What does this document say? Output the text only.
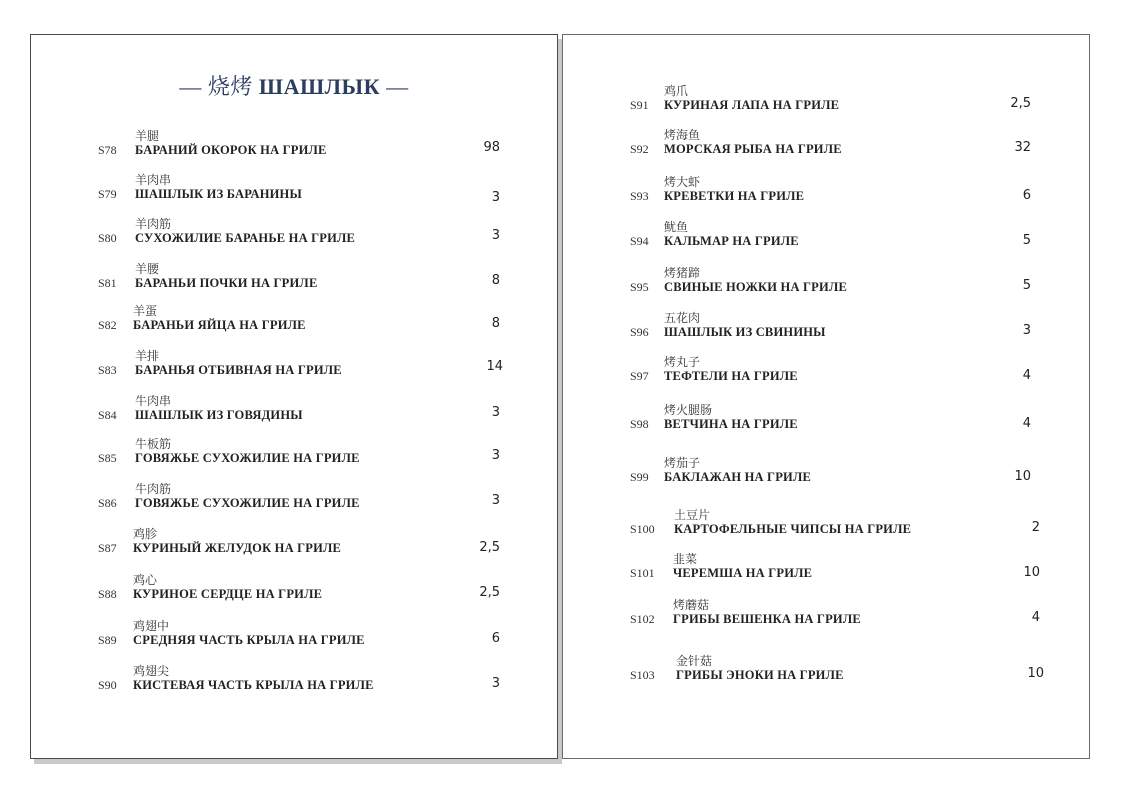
— 烧烤 ШАШЛЫК —
羊腿
S78 БАРАНИЙ ОКОРОК НА ГРИЛЕ	98
羊肉串
S79 ШАШЛЫК ИЗ БАРАНИНЫ	3
羊肉筋
S80 СУХОЖИЛИЕ БАРАНЬЕ НА ГРИЛЕ	3
羊腰
S81 БАРАНЬИ ПОЧКИ НА ГРИЛЕ	8
羊蛋
S82 БАРАНЬИ ЯЙЦА НА ГРИЛЕ	8
羊排
S83 БАРАНЬЯ ОТБИВНАЯ НА ГРИЛЕ	14
牛肉串
S84 ШАШЛЫК ИЗ ГОВЯДИНЫ	3
牛板筋
S85 ГОВЯЖЬЕ СУХОЖИЛИЕ НА ГРИЛЕ	3
牛肉筋
S86 ГОВЯЖЬЕ СУХОЖИЛИЕ НА ГРИЛЕ	3
鸡胗
S87 КУРИНЫЙ ЖЕЛУДОК НА ГРИЛЕ	2,5
鸡心
S88 КУРИНОЕ СЕРДЦЕ НА ГРИЛЕ	2,5
鸡翅中
S89 СРЕДНЯЯ ЧАСТЬ КРЫЛА НА ГРИЛЕ	6
鸡翅尖
S90 КИСТЕВАЯ ЧАСТЬ КРЫЛА НА ГРИЛЕ	3
鸡爪
S91 КУРИНАЯ ЛАПА НА ГРИЛЕ	2,5
烤海鱼
S92 МОРСКАЯ РЫБА НА ГРИЛЕ	32
烤大虾
S93 КРЕВЕТКИ НА ГРИЛЕ	6
鱿鱼
S94 КАЛЬМАР НА ГРИЛЕ	5
烤猪蹄
S95 СВИНЫЕ НОЖКИ НА ГРИЛЕ	5
五花肉
S96 ШАШЛЫК ИЗ СВИНИНЫ	3
烤丸子
S97 ТЕФТЕЛИ НА ГРИЛЕ	4
烤火腿肠
S98 ВЕТЧИНА НА ГРИЛЕ	4
烤茄子
S99 БАКЛАЖАН НА ГРИЛЕ	10
土豆片
S100 КАРТОФЕЛЬНЫЕ ЧИПСЫ НА ГРИЛЕ	2
韭菜
S101 ЧЕРЕМША НА ГРИЛЕ	10
烤蘑菇
S102 ГРИБЫ ВЕШЕНКА НА ГРИЛЕ	4
金针菇
S103 ГРИБЫ ЭНОКИ НА ГРИЛЕ	10
